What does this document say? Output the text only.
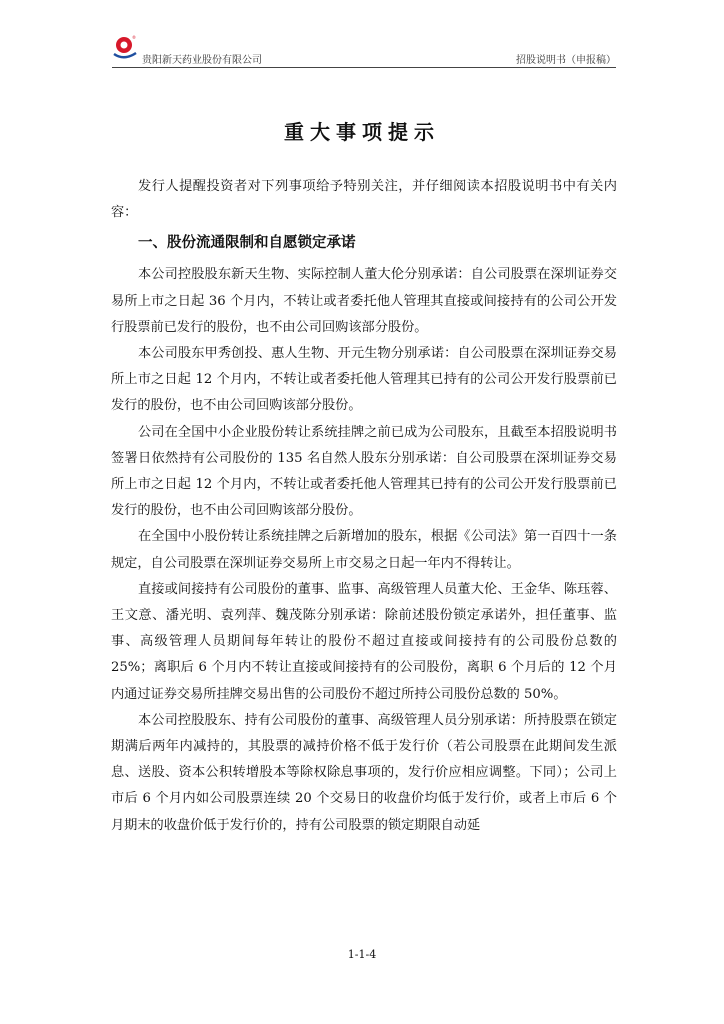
®
贵阳新天药业股份有限公司	招股说明书（申报稿）
重大事项提示

发行人提醒投资者对下列事项给予特别关注，并仔细阅读本招股说明书中有关内容：

一、股份流通限制和自愿锁定承诺

本公司控股股东新天生物、实际控制人董大伦分别承诺：自公司股票在深圳证券交易所上市之日起 36 个月内，不转让或者委托他人管理其直接或间接持有的公司公开发行股票前已发行的股份，也不由公司回购该部分股份。

本公司股东甲秀创投、惠人生物、开元生物分别承诺：自公司股票在深圳证券交易所上市之日起 12 个月内，不转让或者委托他人管理其已持有的公司公开发行股票前已发行的股份，也不由公司回购该部分股份。

公司在全国中小企业股份转让系统挂牌之前已成为公司股东，且截至本招股说明书签署日依然持有公司股份的 135 名自然人股东分别承诺：自公司股票在深圳证券交易所上市之日起 12 个月内，不转让或者委托他人管理其已持有的公司公开发行股票前已发行的股份，也不由公司回购该部分股份。

在全国中小股份转让系统挂牌之后新增加的股东，根据《公司法》第一百四十一条规定，自公司股票在深圳证券交易所上市交易之日起一年内不得转让。

直接或间接持有公司股份的董事、监事、高级管理人员董大伦、王金华、陈珏蓉、王文意、潘光明、袁列萍、魏茂陈分别承诺：除前述股份锁定承诺外，担任董事、监事、高级管理人员期间每年转让的股份不超过直接或间接持有的公司股份总数的 25%；离职后 6 个月内不转让直接或间接持有的公司股份，离职 6 个月后的 12 个月内通过证券交易所挂牌交易出售的公司股份不超过所持公司股份总数的 50%。

本公司控股股东、持有公司股份的董事、高级管理人员分别承诺：所持股票在锁定期满后两年内减持的，其股票的减持价格不低于发行价（若公司股票在此期间发生派息、送股、资本公积转增股本等除权除息事项的，发行价应相应调整。下同）；公司上市后 6 个月内如公司股票连续 20 个交易日的收盘价均低于发行价，或者上市后 6 个月期末的收盘价低于发行价的，持有公司股票的锁定期限自动延

1-1-4
